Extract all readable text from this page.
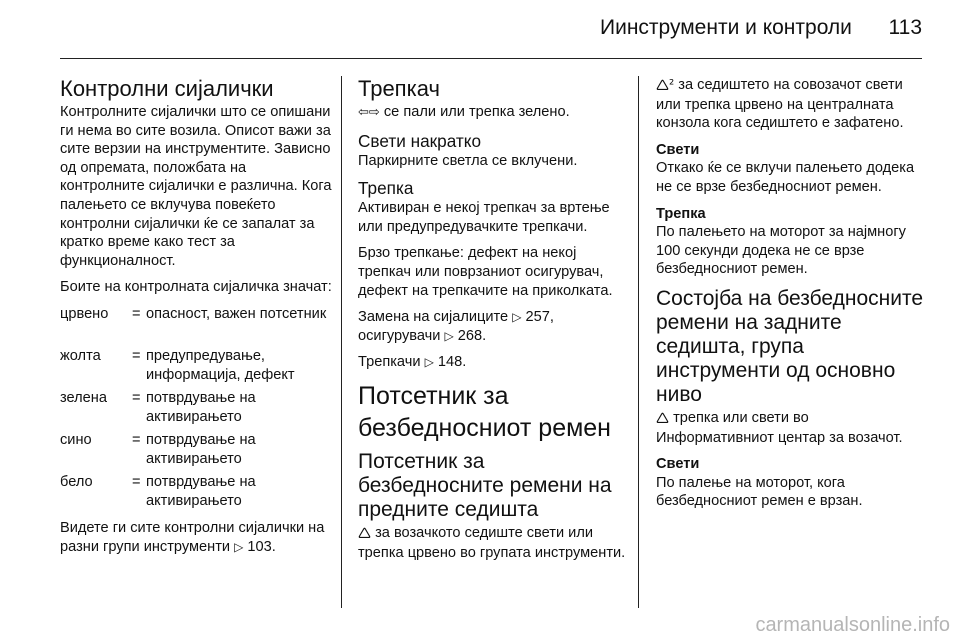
Иинструменти и контроли	113
Контролни сијалички

Контролните сијалички што се опишани ги нема во сите возила. Описот важи за сите верзии на инструментите. Зависно од опремата, положбата на контролните сијалички е различна. Кога палењето се вклучува повеќето контролни сијалички ќе се запалат за кратко време како тест за функционалност.

Боите на контролната сијаличка значат:

црвено	=	опасност, важен потсетник
жолта	=	предупредување, информација, дефект
зелена	=	потврдување на активирањето
сино	=	потврдување на активирањето
бело	=	потврдување на активирањето

Видете ги сите контролни сијалички на разни групи инструменти ▷ 103.

Трепкач

⇦⇨ се пали или трепка зелено.

Свети накратко

Паркирните светла се вклучени.

Трепка

Активиран е некој трепкач за вртење или предупредувачките трепкачи.

Брзо трепкање: дефект на некој трепкач или поврзаниот осигурувач, дефект на трепкачите на приколката.

Замена на сијалиците ▷ 257,
осигурувачи ▷ 268.

Трепкачи ▷ 148.

Потсетник за безбедносниот ремен
Потсетник за безбедносните ремени на предните седишта

🛆 за возачкото седиште свети или трепка црвено во групата инструменти.

🛆² за седиштето на совозачот свети или трепка црвено на централната конзола кога седиштето е зафатено.

Свети

Откако ќе се вклучи палењето додека не се врзе безбедносниот ремен.

Трепка

По палењето на моторот за најмногу 100 секунди додека не се врзе безбедносниот ремен.

Состојба на безбедносните ремени на задните седишта, група инструменти од основно ниво

🛆 трепка или свети во Информативниот центар за возачот.

Свети

По палење на моторот, кога безбедносниот ремен е врзан.

carmanualsonline.info
